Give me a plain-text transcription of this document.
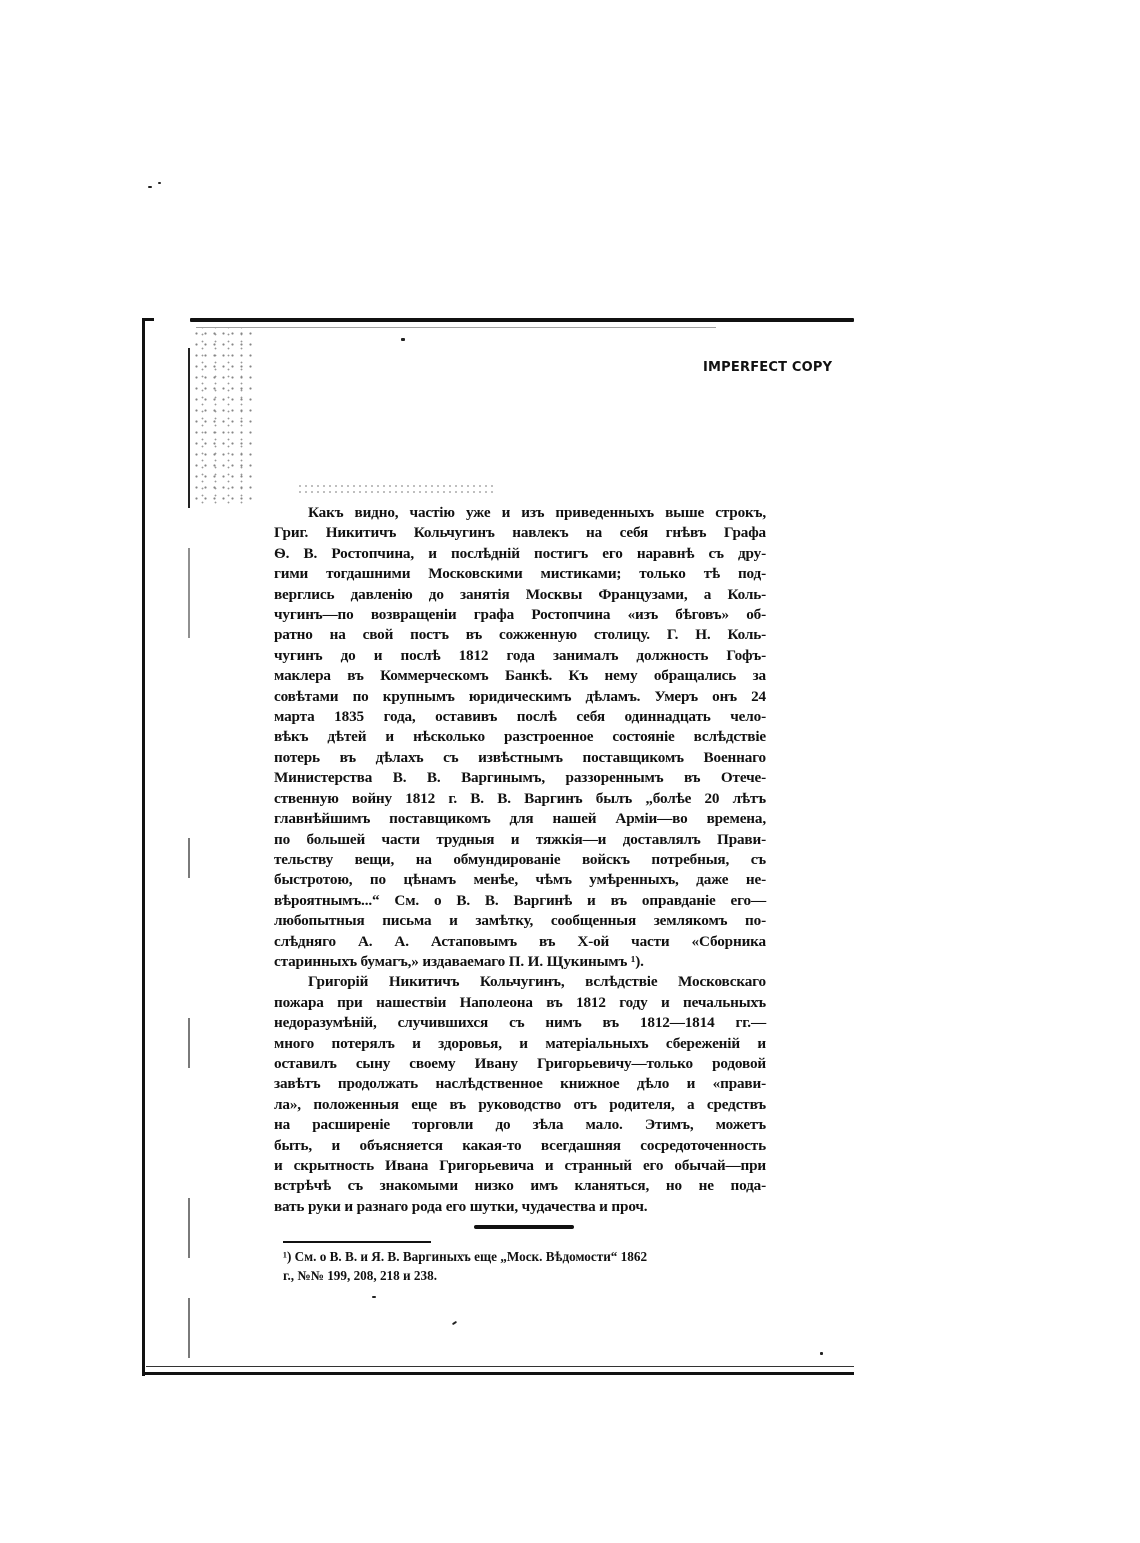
IMPERFECT COPY
Какъ видно, частію уже и изъ приведенныхъ выше строкъ,
Григ. Никитичъ Кольчугинъ навлекъ на себя гнѣвъ Графа
Ѳ. В. Ростопчина, и послѣдній постигъ его наравнѣ съ дру-
гими тогдашними Московскими мистиками; только тѣ под-
верглись давленію до занятія Москвы Французами, а Коль-
чугинъ—по возвращеніи графа Ростопчина «изъ бѣговъ» об-
ратно на свой постъ въ сожженную столицу. Г. Н. Коль-
чугинъ до и послѣ 1812 года занималъ должность Гофъ-
маклера въ Коммерческомъ Банкѣ. Къ нему обращались за
совѣтами по крупнымъ юридическимъ дѣламъ. Умеръ онъ 24
марта 1835 года, оставивъ послѣ себя одиннадцать чело-
вѣкъ дѣтей и нѣсколько разстроенное состояніе вслѣдствіе
потерь въ дѣлахъ съ извѣстнымъ поставщикомъ Военнаго
Министерства В. В. Варгинымъ, раззореннымъ въ Отече-
ственную войну 1812 г. В. В. Варгинъ былъ „болѣе 20 лѣтъ
главнѣйшимъ поставщикомъ для нашей Арміи—во времена,
по большей части трудныя и тяжкія—и доставлялъ Прави-
тельству вещи, на обмундированіе войскъ потребныя, съ
быстротою, по цѣнамъ менѣе, чѣмъ умѣренныхъ, даже не-
вѣроятнымъ...“ См. о В. В. Варгинѣ и въ оправданіе его—
любопытныя письма и замѣтку, сообщенныя землякомъ по-
слѣдняго А. А. Астаповымъ въ X-ой части «Сборника
старинныхъ бумагъ,» издаваемаго П. И. Щукинымъ ¹).
Григорій Никитичъ Кольчугинъ, вслѣдствіе Московскаго
пожара при нашествіи Наполеона въ 1812 году и печальныхъ
недоразумѣній, случившихся съ нимъ въ 1812—1814 гг.—
много потерялъ и здоровья, и матеріальныхъ сбереженій и
оставилъ сыну своему Ивану Григорьевичу—только родовой
завѣтъ продолжать наслѣдственное книжное дѣло и «прави-
ла», положенныя еще въ руководство отъ родителя, а средствъ
на расширеніе торговли до зѣла мало. Этимъ, можетъ
быть, и объясняется какая-то всегдашняя сосредоточенность
и скрытность Ивана Григорьевича и странный его обычай—при
встрѣчѣ съ знакомыми низко имъ кланяться, но не пода-
вать руки и разнаго рода его шутки, чудачества и проч.
¹) См. о В. В. и Я. В. Варгиныхъ еще „Моск. Вѣдомости“ 1862
г., №№ 199, 208, 218 и 238.
